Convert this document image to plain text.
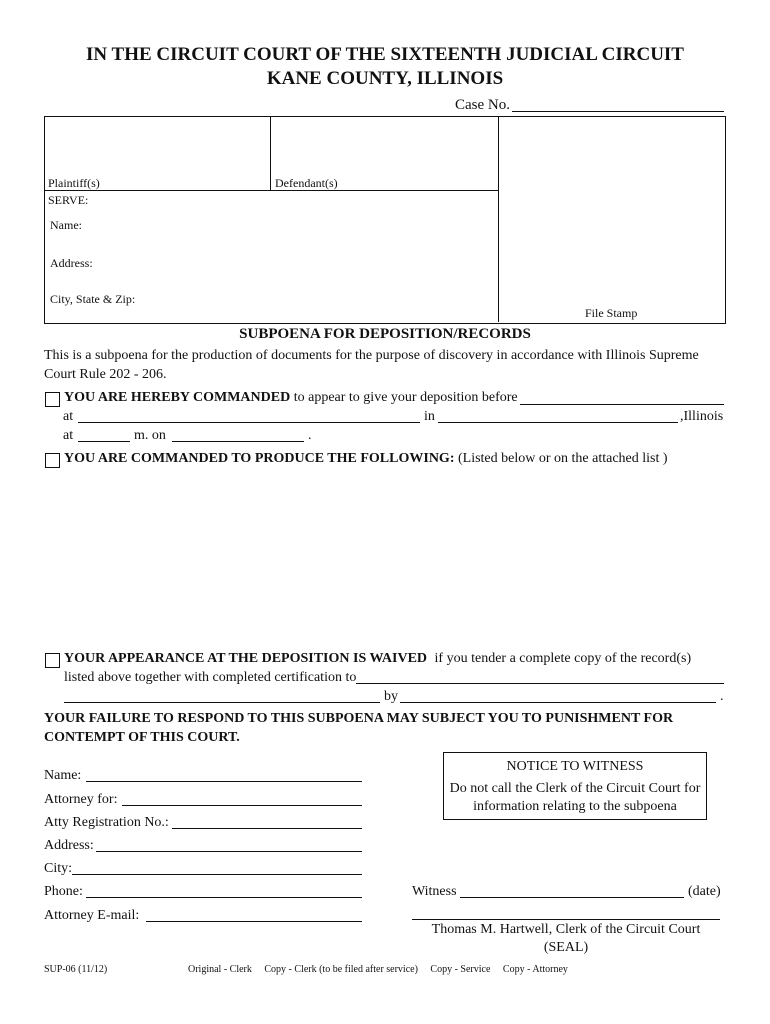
IN THE CIRCUIT COURT OF THE SIXTEENTH JUDICIAL CIRCUIT
KANE COUNTY, ILLINOIS
Case No.
Plaintiff(s)	Defendant(s)
SERVE:
Name:
Address:
City, State & Zip:
File Stamp
SUBPOENA FOR DEPOSITION/RECORDS
This is a subpoena for the production of documents for the purpose of discovery in accordance with Illinois Supreme
Court Rule 202 - 206.
YOU ARE HEREBY COMMANDED to appear to give your deposition before
at	in	,Illinois
at	m. on	.
YOU ARE COMMANDED TO PRODUCE THE FOLLOWING: (Listed below or on the attached list )
YOUR APPEARANCE AT THE DEPOSITION IS WAIVED if you tender a complete copy of the record(s)
listed above together with completed certification to
by	.
YOUR FAILURE TO RESPOND TO THIS SUBPOENA MAY SUBJECT YOU TO PUNISHMENT FOR
CONTEMPT OF THIS COURT.
Name:
Attorney for:
Atty Registration No.:
Address:
City:
Phone:
Attorney E-mail:
NOTICE TO WITNESS
Do not call the Clerk of the Circuit Court for
information relating to the subpoena
Witness	(date)
Thomas M. Hartwell, Clerk of the Circuit Court
(SEAL)
SUP-06 (11/12)	Original - Clerk     Copy - Clerk (to be filed after service)     Copy - Service     Copy - Attorney
